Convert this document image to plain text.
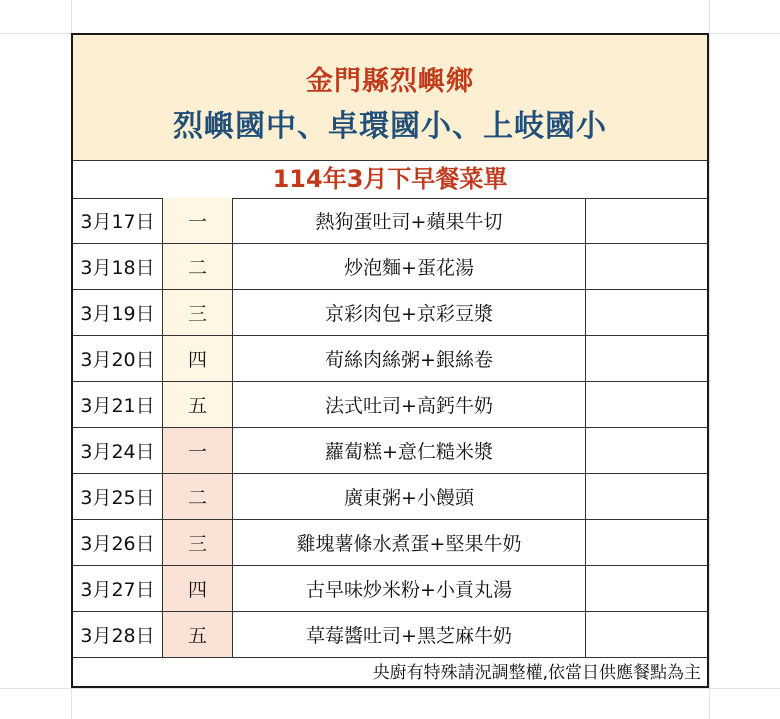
金門縣烈嶼鄉
烈嶼國中、卓環國小、上岐國小
114年3月下早餐菜單
3月17日	一	熱狗蛋吐司+蘋果牛切
3月18日	二	炒泡麵+蛋花湯
3月19日	三	京彩肉包+京彩豆漿
3月20日	四	荀絲肉絲粥+銀絲卷
3月21日	五	法式吐司+高鈣牛奶
3月24日	一	蘿蔔糕+意仁糙米漿
3月25日	二	廣東粥+小饅頭
3月26日	三	雞塊薯條水煮蛋+堅果牛奶
3月27日	四	古早味炒米粉+小貢丸湯
3月28日	五	草莓醬吐司+黑芝麻牛奶
央廚有特殊請況調整權,依當日供應餐點為主
